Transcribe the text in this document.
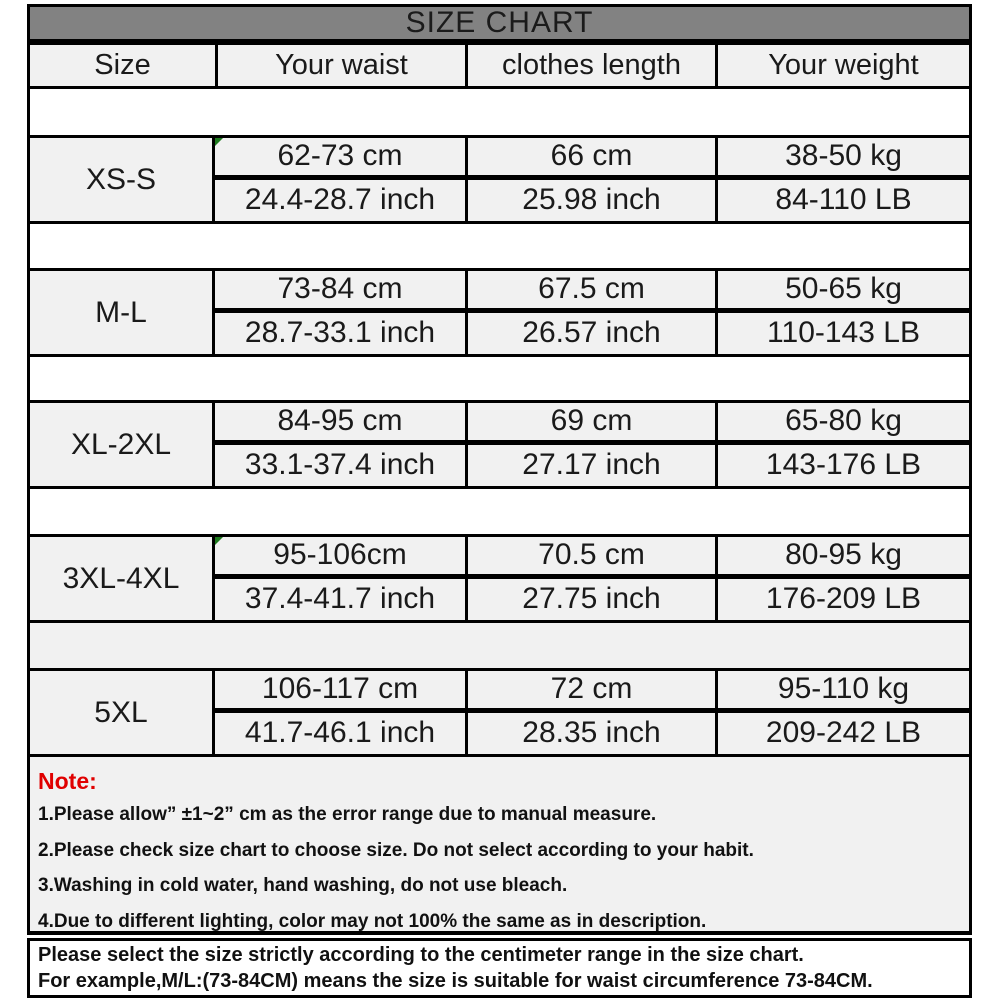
SIZE CHART
Size	Your waist	clothes length	Your weight
XS-S
62-73 cm	66 cm	38-50 kg
24.4-28.7 inch	25.98 inch	84-110 LB
M-L
73-84 cm	67.5 cm	50-65 kg
28.7-33.1 inch	26.57 inch	110-143 LB
XL-2XL
84-95 cm	69 cm	65-80 kg
33.1-37.4 inch	27.17 inch	143-176 LB
3XL-4XL
95-106cm	70.5 cm	80-95 kg
37.4-41.7 inch	27.75 inch	176-209 LB
5XL
106-117 cm	72 cm	95-110 kg
41.7-46.1 inch	28.35 inch	209-242 LB
Note:
1.Please allow” ±1~2” cm as the error range due to manual measure.
2.Please check size chart to choose size. Do not select according to your habit.
3.Washing in cold water, hand washing, do not use bleach.
4.Due to different lighting, color may not 100% the same as in description.
Please select the size strictly according to the centimeter range in the size chart.
For example,M/L:(73-84CM) means the size is suitable for waist circumference 73-84CM.
